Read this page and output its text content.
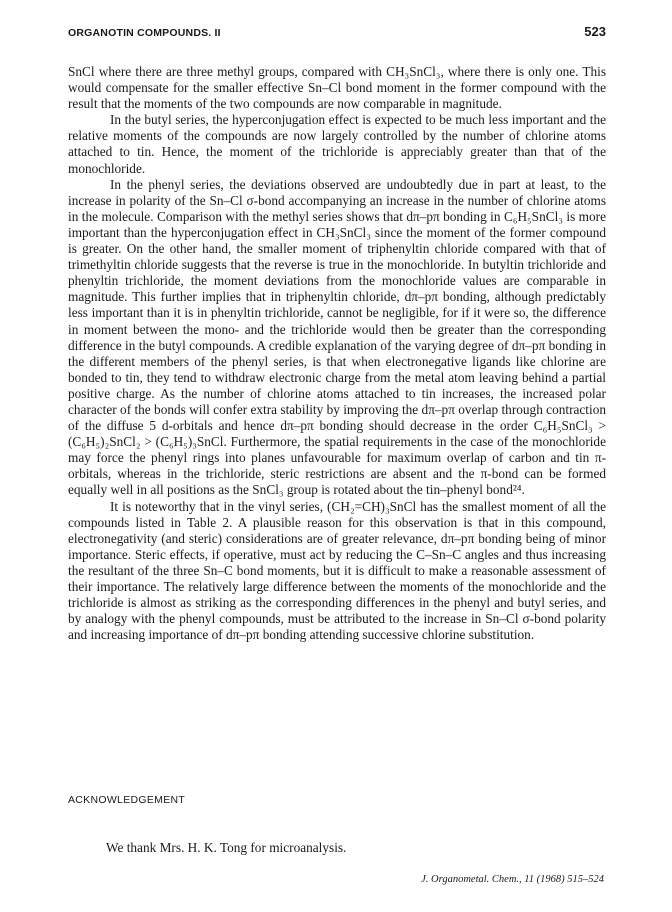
ORGANOTIN COMPOUNDS. II	523

SnCl where there are three methyl groups, compared with CH₃SnCl₃, where there is only one. This would compensate for the smaller effective Sn–Cl bond moment in the former compound with the result that the moments of the two compounds are now comparable in magnitude.

In the butyl series, the hyperconjugation effect is expected to be much less important and the relative moments of the compounds are now largely controlled by the number of chlorine atoms attached to tin. Hence, the moment of the trichloride is appreciably greater than that of the monochloride.

In the phenyl series, the deviations observed are undoubtedly due in part at least, to the increase in polarity of the Sn–Cl σ-bond accompanying an increase in the number of chlorine atoms in the molecule. Comparison with the methyl series shows that dπ–pπ bonding in C₆H₅SnCl₃ is more important than the hyperconjugation effect in CH₃SnCl₃ since the moment of the former compound is greater. On the other hand, the smaller moment of triphenyltin chloride compared with that of trimethyltin chloride suggests that the reverse is true in the monochloride. In butyltin trichloride and phenyltin trichloride, the moment deviations from the monochloride values are comparable in magnitude. This further implies that in triphenyltin chloride, dπ–pπ bonding, although predictably less important than it is in phenyltin trichloride, cannot be negligible, for if it were so, the difference in moment between the mono- and the trichloride would then be greater than the corresponding difference in the butyl compounds. A credible explanation of the varying degree of dπ–pπ bonding in the different members of the phenyl series, is that when electronegative ligands like chlorine are bonded to tin, they tend to withdraw electronic charge from the metal atom leaving behind a partial positive charge. As the number of chlorine atoms attached to tin increases, the increased polar character of the bonds will confer extra stability by improving the dπ–pπ overlap through contraction of the diffuse 5 d-orbitals and hence dπ–pπ bonding should decrease in the order C₆H₅SnCl₃ > (C₆H₅)₂SnCl₂ > (C₆H₅)₃SnCl. Furthermore, the spatial requirements in the case of the monochloride may force the phenyl rings into planes unfavourable for maximum overlap of carbon and tin π-orbitals, whereas in the trichloride, steric restrictions are absent and the π-bond can be formed equally well in all positions as the SnCl₃ group is rotated about the tin–phenyl bond²⁴.

It is noteworthy that in the vinyl series, (CH₂=CH)₃SnCl has the smallest moment of all the compounds listed in Table 2. A plausible reason for this observation is that in this compound, electronegativity (and steric) considerations are of greater relevance, dπ–pπ bonding being of minor importance. Steric effects, if operative, must act by reducing the C–Sn–C angles and thus increasing the resultant of the three Sn–C bond moments, but it is difficult to make a reasonable assessment of their importance. The relatively large difference between the moments of the monochloride and the trichloride is almost as striking as the corresponding differences in the phenyl and butyl series, and by analogy with the phenyl compounds, must be attributed to the increase in Sn–Cl σ-bond polarity and increasing importance of dπ–pπ bonding attending successive chlorine substitution.

ACKNOWLEDGEMENT
We thank Mrs. H. K. Tong for microanalysis.
J. Organometal. Chem., 11 (1968) 515–524
